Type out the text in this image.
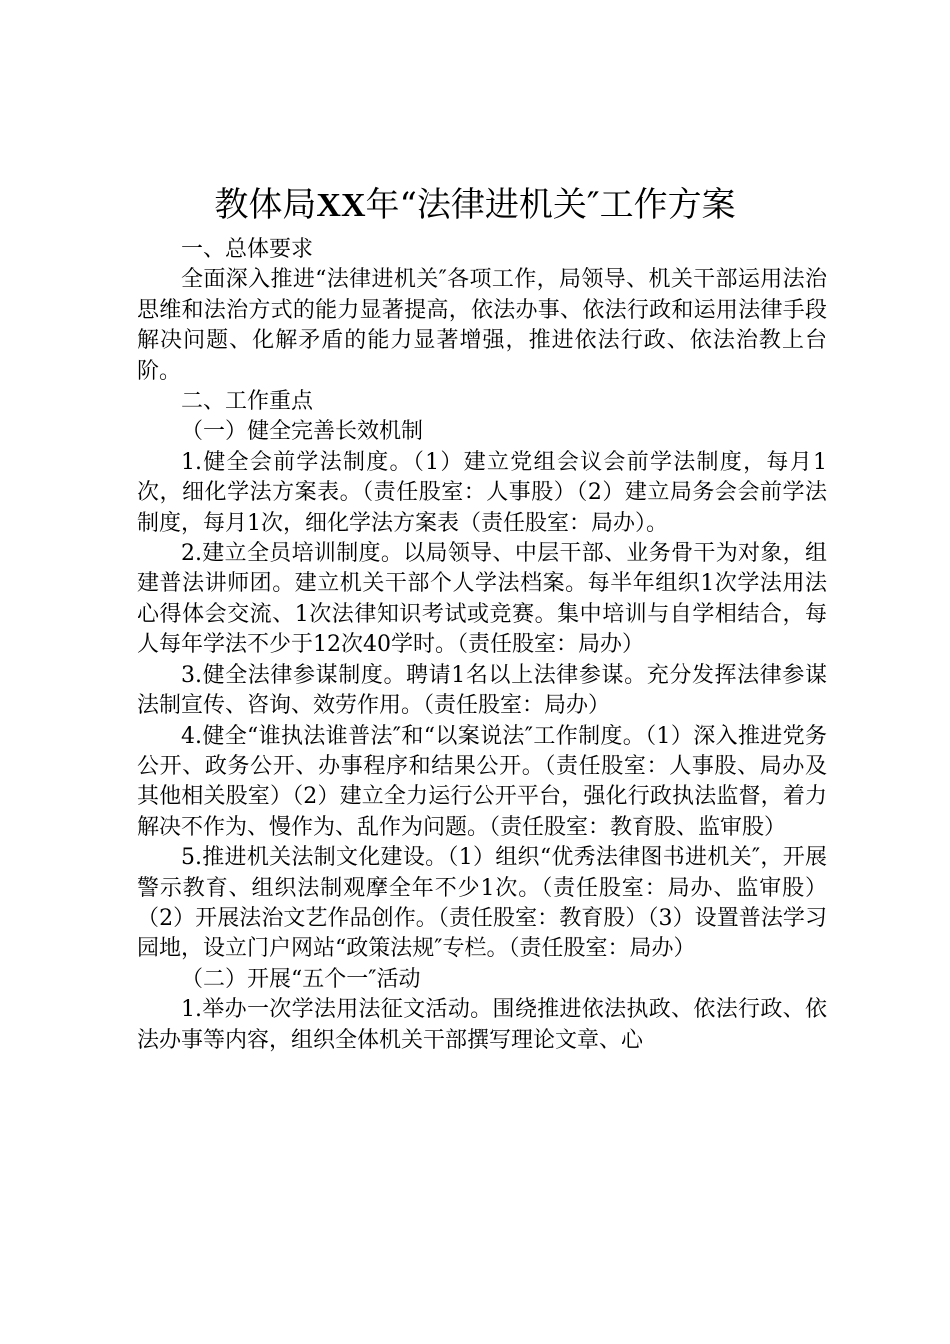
教体局XX年“法律进机关″工作方案

一、总体要求

全面深入推进“法律进机关″各项工作，局领导、机关干部运用法治思维和法治方式的能力显著提高，依法办事、依法行政和运用法律手段解决问题、化解矛盾的能力显著增强，推进依法行政、依法治教上台阶。

二、工作重点

（一）健全完善长效机制

1.健全会前学法制度。（1）建立党组会议会前学法制度，每月1次，细化学法方案表。（责任股室：人事股）（2）建立局务会会前学法制度，每月1次，细化学法方案表（责任股室：局办）。

2.建立全员培训制度。以局领导、中层干部、业务骨干为对象，组建普法讲师团。建立机关干部个人学法档案。每半年组织1次学法用法心得体会交流、1次法律知识考试或竞赛。集中培训与自学相结合，每人每年学法不少于12次40学时。（责任股室：局办）

3.健全法律参谋制度。聘请1名以上法律参谋。充分发挥法律参谋法制宣传、咨询、效劳作用。（责任股室：局办）

4.健全“谁执法谁普法″和“以案说法″工作制度。（1）深入推进党务公开、政务公开、办事程序和结果公开。（责任股室：人事股、局办及其他相关股室）（2）建立全力运行公开平台，强化行政执法监督，着力解决不作为、慢作为、乱作为问题。（责任股室：教育股、监审股）

5.推进机关法制文化建设。（1）组织“优秀法律图书进机关″，开展警示教育、组织法制观摩全年不少1次。（责任股室：局办、监审股）（2）开展法治文艺作品创作。（责任股室：教育股）（3）设置普法学习园地，设立门户网站“政策法规″专栏。（责任股室：局办）

（二）开展“五个一″活动

1.举办一次学法用法征文活动。围绕推进依法执政、依法行政、依法办事等内容，组织全体机关干部撰写理论文章、心
